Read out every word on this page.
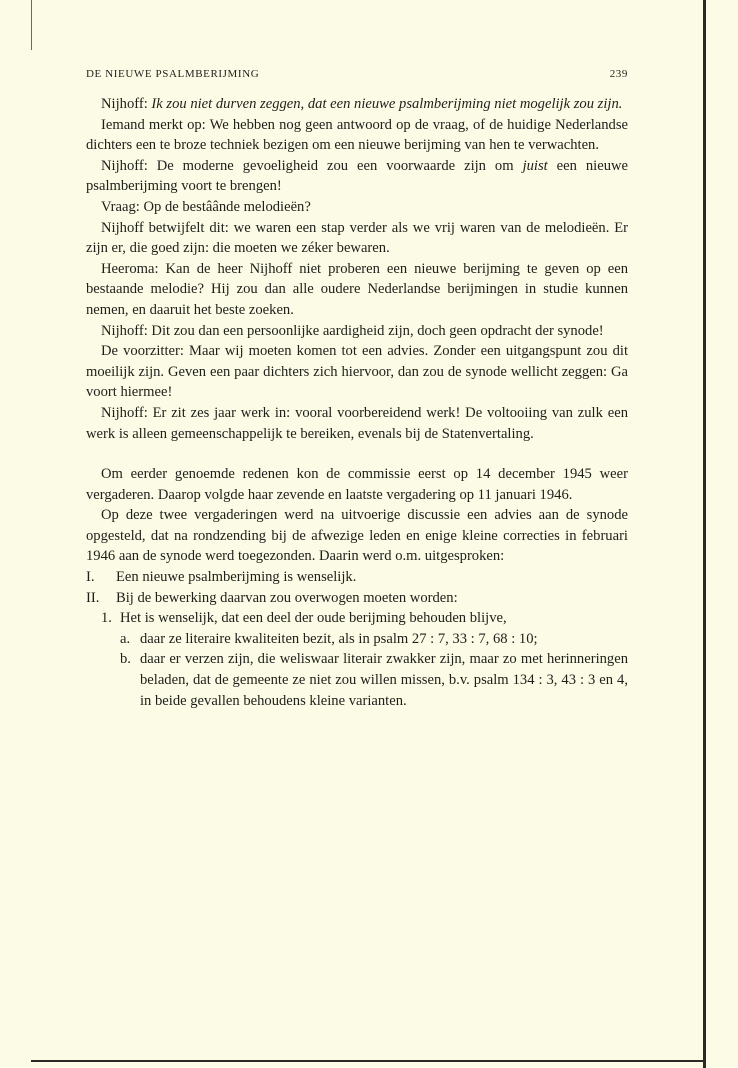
DE NIEUWE PSALMBERIJMING	239

Nijhoff: Ik zou niet durven zeggen, dat een nieuwe psalmberijming niet mogelijk zou zijn.

Iemand merkt op: We hebben nog geen antwoord op de vraag, of de huidige Nederlandse dichters een te broze techniek bezigen om een nieuwe berijming van hen te verwachten.

Nijhoff: De moderne gevoeligheid zou een voorwaarde zijn om juist een nieuwe psalmberijming voort te brengen!

Vraag: Op de bestâânde melodieën?

Nijhoff betwijfelt dit: we waren een stap verder als we vrij waren van de melodieën. Er zijn er, die goed zijn: die moeten we zéker bewaren.

Heeroma: Kan de heer Nijhoff niet proberen een nieuwe berijming te geven op een bestaande melodie? Hij zou dan alle oudere Nederlandse berijmingen in studie kunnen nemen, en daaruit het beste zoeken.

Nijhoff: Dit zou dan een persoonlijke aardigheid zijn, doch geen opdracht der synode!

De voorzitter: Maar wij moeten komen tot een advies. Zonder een uitgangspunt zou dit moeilijk zijn. Geven een paar dichters zich hiervoor, dan zou de synode wellicht zeggen: Ga voort hiermee!

Nijhoff: Er zit zes jaar werk in: vooral voorbereidend werk! De voltooiing van zulk een werk is alleen gemeenschappelijk te bereiken, evenals bij de Statenvertaling.

Om eerder genoemde redenen kon de commissie eerst op 14 december 1945 weer vergaderen. Daarop volgde haar zevende en laatste vergadering op 11 januari 1946.

Op deze twee vergaderingen werd na uitvoerige discussie een advies aan de synode opgesteld, dat na rondzending bij de afwezige leden en enige kleine correcties in februari 1946 aan de synode werd toegezonden. Daarin werd o.m. uitgesproken:

I.	Een nieuwe psalmberijming is wenselijk.
II.	Bij de bewerking daarvan zou overwogen moeten worden:
1. Het is wenselijk, dat een deel der oude berijming behouden blijve,
a. daar ze literaire kwaliteiten bezit, als in psalm 27 : 7, 33 : 7, 68 : 10;
b. daar er verzen zijn, die weliswaar literair zwakker zijn, maar zo met herinneringen beladen, dat de gemeente ze niet zou willen missen, b.v. psalm 134 : 3, 43 : 3 en 4, in beide gevallen behoudens kleine varianten.
